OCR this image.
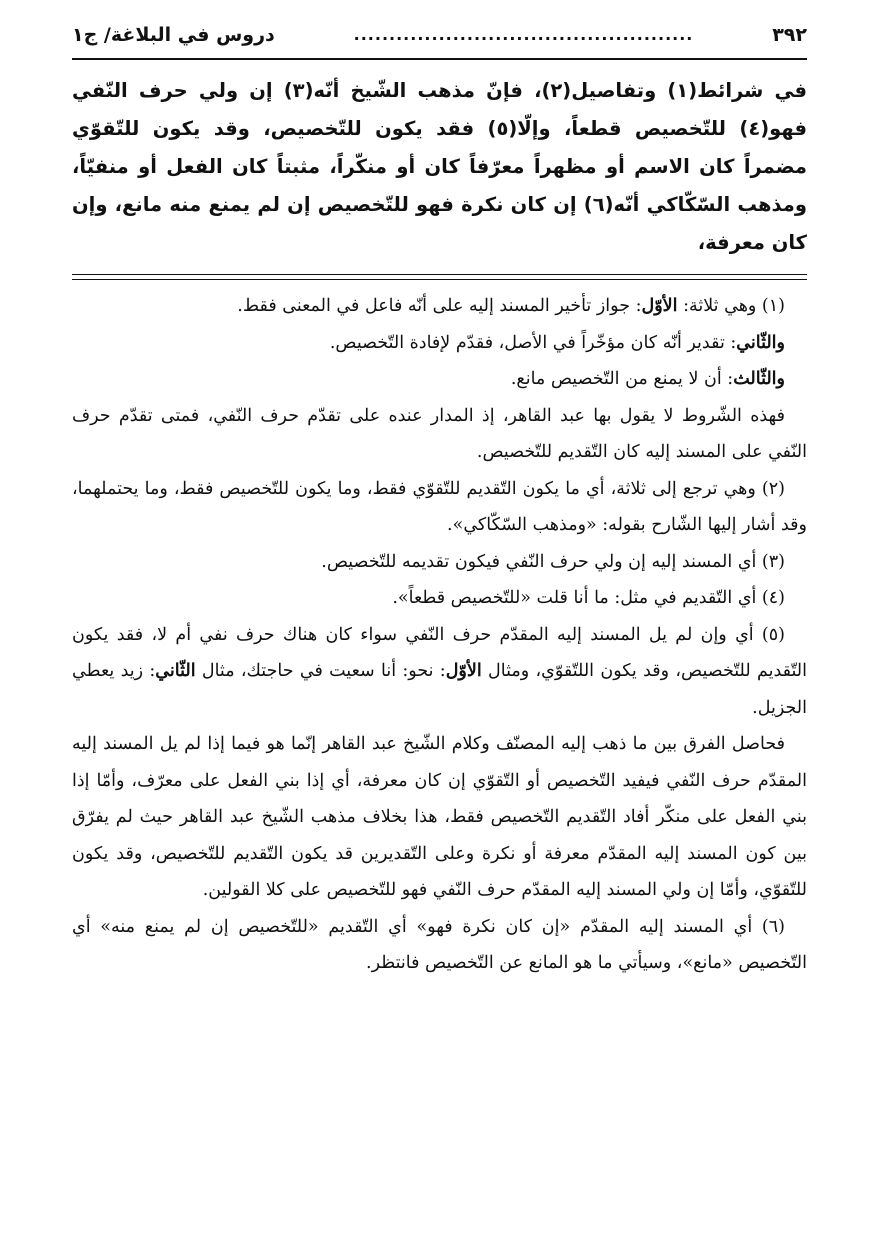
٣٩٢
................................................
دروس في البلاغة/ ج١

في شرائط(١) وتفاصيل(٢)، فإنّ مذهب الشّيخ أنّه(٣) إن ولي حرف النّفي فهو(٤) للتّخصيص قطعاً، وإلّا(٥) فقد يكون للتّخصيص، وقد يكون للتّقوّي مضمراً كان الاسم أو مظهراً معرّفاً كان أو منكّراً، مثبتاً كان الفعل أو منفيّاً، ومذهب السّكّاكي أنّه(٦) إن كان نكرة فهو للتّخصيص إن لم يمنع منه مانع، وإن كان معرفة،

(١) وهي ثلاثة: الأوّل: جواز تأخير المسند إليه على أنّه فاعل في المعنى فقط.

والثّاني: تقدير أنّه كان مؤخّراً في الأصل، فقدّم لإفادة التّخصيص.

والثّالث: أن لا يمنع من التّخصيص مانع.

فهذه الشّروط لا يقول بها عبد القاهر، إذ المدار عنده على تقدّم حرف النّفي، فمتى تقدّم حرف النّفي على المسند إليه كان التّقديم للتّخصيص.

(٢) وهي ترجع إلى ثلاثة، أي ما يكون التّقديم للتّقوّي فقط، وما يكون للتّخصيص فقط، وما يحتملهما، وقد أشار إليها الشّارح بقوله: «ومذهب السّكّاكي».

(٣) أي المسند إليه إن ولي حرف النّفي فيكون تقديمه للتّخصيص.

(٤) أي التّقديم في مثل: ما أنا قلت «للتّخصيص قطعاً».

(٥) أي وإن لم يل المسند إليه المقدّم حرف النّفي سواء كان هناك حرف نفي أم لا، فقد يكون التّقديم للتّخصيص، وقد يكون اللتّقوّي، ومثال الأوّل: نحو: أنا سعيت في حاجتك، مثال الثّاني: زيد يعطي الجزيل.

فحاصل الفرق بين ما ذهب إليه المصنّف وكلام الشّيخ عبد القاهر إنّما هو فيما إذا لم يل المسند إليه المقدّم حرف النّفي فيفيد التّخصيص أو التّقوّي إن كان معرفة، أي إذا بني الفعل على معرّف، وأمّا إذا بني الفعل على منكّر أفاد التّقديم التّخصيص فقط، هذا بخلاف مذهب الشّيخ عبد القاهر حيث لم يفرّق بين كون المسند إليه المقدّم معرفة أو نكرة وعلى التّقديرين قد يكون التّقديم للتّخصيص، وقد يكون للتّقوّي، وأمّا إن ولي المسند إليه المقدّم حرف النّفي فهو للتّخصيص على كلا القولين.

(٦) أي المسند إليه المقدّم «إن كان نكرة فهو» أي التّقديم «للتّخصيص إن لم يمنع منه» أي التّخصيص «مانع»، وسيأتي ما هو المانع عن التّخصيص فانتظر.
